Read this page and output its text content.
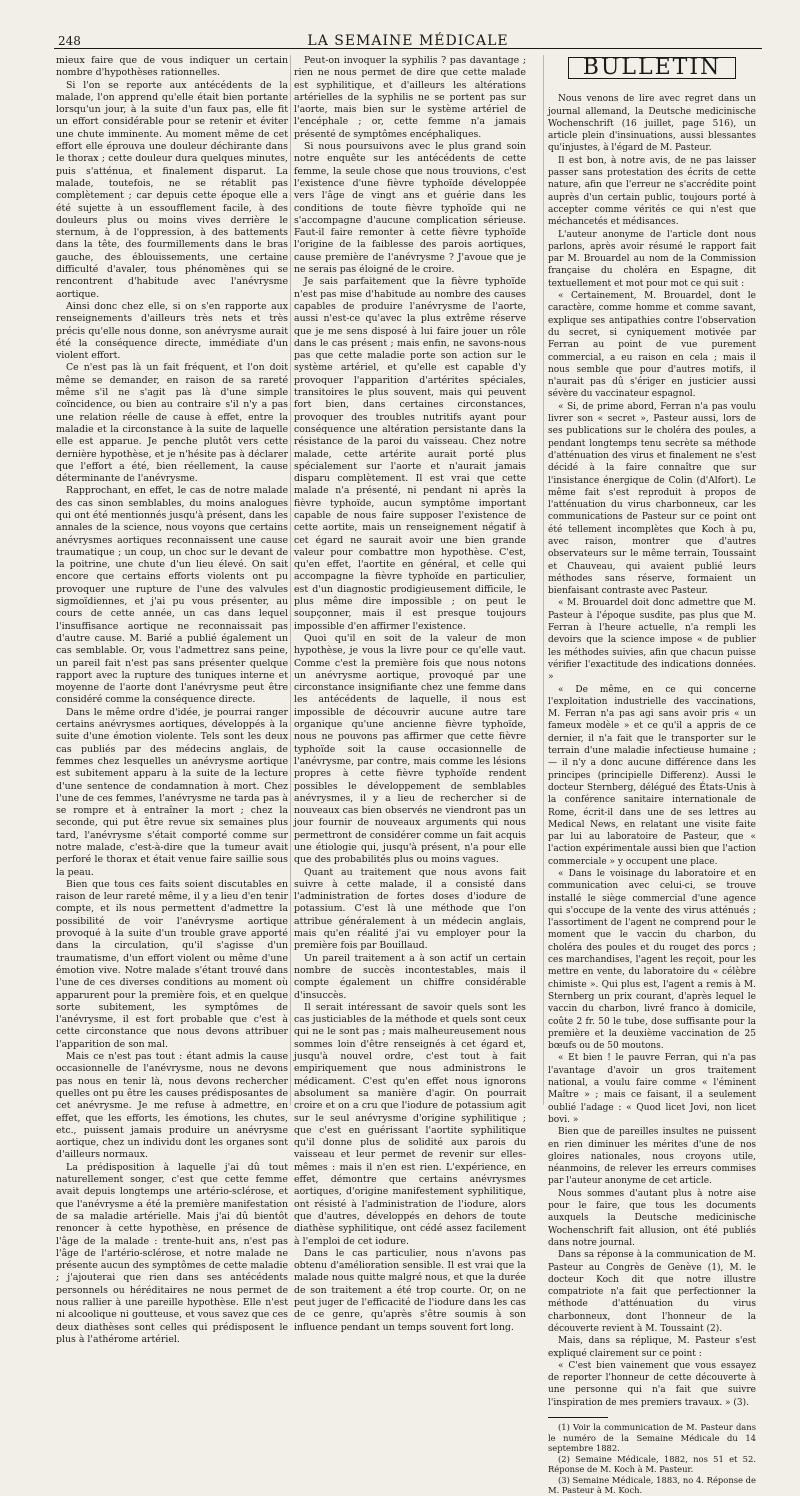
248	LA SEMAINE MÉDICALE

mieux faire que de vous indiquer un certain nombre d'hypothèses rationnelles.

Si l'on se reporte aux antécédents de la malade, l'on apprend qu'elle était bien portante lorsqu'un jour, à la suite d'un faux pas, elle fit un effort considérable pour se retenir et éviter une chute imminente. Au moment même de cet effort elle éprouva une douleur déchirante dans le thorax ; cette douleur dura quelques minutes, puis s'atténua, et finalement disparut. La malade, toutefois, ne se rétablit pas complètement ; car depuis cette époque elle a été sujette à un essoufflement facile, à des douleurs plus ou moins vives derrière le sternum, à de l'oppression, à des battements dans la tête, des fourmillements dans le bras gauche, des éblouissements, une certaine difficulté d'avaler, tous phénomènes qui se rencontrent d'habitude avec l'anévrysme aortique.

Ainsi donc chez elle, si on s'en rapporte aux renseignements d'ailleurs très nets et très précis qu'elle nous donne, son anévrysme aurait été la conséquence directe, immédiate d'un violent effort.

Ce n'est pas là un fait fréquent, et l'on doit même se demander, en raison de sa rareté même s'il ne s'agit pas là d'une simple coïncidence, ou bien au contraire s'il n'y a pas une relation réelle de cause à effet, entre la maladie et la circonstance à la suite de laquelle elle est apparue. Je penche plutôt vers cette dernière hypothèse, et je n'hésite pas à déclarer que l'effort a été, bien réellement, la cause déterminante de l'anévrysme.

Rapprochant, en effet, le cas de notre malade des cas sinon semblables, du moins analogues qui ont été mentionnés jusqu'à présent, dans les annales de la science, nous voyons que certains anévrysmes aortiques reconnaissent une cause traumatique ; un coup, un choc sur le devant de la poitrine, une chute d'un lieu élevé. On sait encore que certains efforts violents ont pu provoquer une rupture de l'une des valvules sigmoïdiennes, et j'ai pu vous présenter, au cours de cette année, un cas dans lequel l'insuffisance aortique ne reconnaissait pas d'autre cause. M. Barié a publié également un cas semblable. Or, vous l'admettrez sans peine, un pareil fait n'est pas sans présenter quelque rapport avec la rupture des tuniques interne et moyenne de l'aorte dont l'anévrysme peut être considéré comme la conséquence directe.

Dans le même ordre d'idée, je pourrai ranger certains anévrysmes aortiques, développés à la suite d'une émotion violente. Tels sont les deux cas publiés par des médecins anglais, de femmes chez lesquelles un anévrysme aortique est subitement apparu à la suite de la lecture d'une sentence de condamnation à mort. Chez l'une de ces femmes, l'anévrysme ne tarda pas à se rompre et à entraîner la mort ; chez la seconde, qui put être revue six semaines plus tard, l'anévrysme s'était comporté comme sur notre malade, c'est-à-dire que la tumeur avait perforé le thorax et était venue faire saillie sous la peau.

Bien que tous ces faits soient discutables en raison de leur rareté même, il y a lieu d'en tenir compte, et ils nous permettent d'admettre la possibilité de voir l'anévrysme aortique provoqué à la suite d'un trouble grave apporté dans la circulation, qu'il s'agisse d'un traumatisme, d'un effort violent ou même d'une émotion vive. Notre malade s'étant trouvé dans l'une de ces diverses conditions au moment où apparurent pour la première fois, et en quelque sorte subitement, les symptômes de l'anévrysme, il est fort probable que c'est à cette circonstance que nous devons attribuer l'apparition de son mal.

Mais ce n'est pas tout : étant admis la cause occasionnelle de l'anévrysme, nous ne devons pas nous en tenir là, nous devons rechercher quelles ont pu être les causes prédisposantes de cet anévrysme. Je me refuse à admettre, en effet, que les efforts, les émotions, les chutes, etc., puissent jamais produire un anévrysme aortique, chez un individu dont les organes sont d'ailleurs normaux.

La prédisposition à laquelle j'ai dû tout naturellement songer, c'est que cette femme avait depuis longtemps une artério-sclérose, et que l'anévrysme a été la première manifestation de sa maladie artérielle. Mais j'ai dû bientôt renoncer à cette hypothèse, en présence de l'âge de la malade : trente-huit ans, n'est pas l'âge de l'artério-sclérose, et notre malade ne présente aucun des symptômes de cette maladie ; j'ajouterai que rien dans ses antécédents personnels ou héréditaires ne nous permet de nous rallier à une pareille hypothèse. Elle n'est ni alcoolique ni goutteuse, et vous savez que ces deux diathèses sont celles qui prédisposent le plus à l'athérome artériel.

Peut-on invoquer la syphilis ? pas davantage ; rien ne nous permet de dire que cette malade est syphilitique, et d'ailleurs les altérations artérielles de la syphilis ne se portent pas sur l'aorte, mais bien sur le système artériel de l'encéphale ; or, cette femme n'a jamais présenté de symptômes encéphaliques.

Si nous poursuivons avec le plus grand soin notre enquête sur les antécédents de cette femme, la seule chose que nous trouvions, c'est l'existence d'une fièvre typhoïde développée vers l'âge de vingt ans et guérie dans les conditions de toute fièvre typhoïde qui ne s'accompagne d'aucune complication sérieuse. Faut-il faire remonter à cette fièvre typhoïde l'origine de la faiblesse des parois aortiques, cause première de l'anévrysme ? J'avoue que je ne serais pas éloigné de le croire.

Je sais parfaitement que la fièvre typhoïde n'est pas mise d'habitude au nombre des causes capables de produire l'anévrysme de l'aorte, aussi n'est-ce qu'avec la plus extrême réserve que je me sens disposé à lui faire jouer un rôle dans le cas présent ; mais enfin, ne savons-nous pas que cette maladie porte son action sur le système artériel, et qu'elle est capable d'y provoquer l'apparition d'artérites spéciales, transitoires le plus souvent, mais qui peuvent fort bien, dans certaines circonstances, provoquer des troubles nutritifs ayant pour conséquence une altération persistante dans la résistance de la paroi du vaisseau. Chez notre malade, cette artérite aurait porté plus spécialement sur l'aorte et n'aurait jamais disparu complètement. Il est vrai que cette malade n'a présenté, ni pendant ni après la fièvre typhoïde, aucun symptôme important capable de nous faire supposer l'existence de cette aortite, mais un renseignement négatif à cet égard ne saurait avoir une bien grande valeur pour combattre mon hypothèse. C'est, qu'en effet, l'aortite en général, et celle qui accompagne la fièvre typhoïde en particulier, est d'un diagnostic prodigieusement difficile, le plus même dire impossible ; on peut le soupçonner, mais il est presque toujours impossible d'en affirmer l'existence.

Quoi qu'il en soit de la valeur de mon hypothèse, je vous la livre pour ce qu'elle vaut. Comme c'est la première fois que nous notons un anévrysme aortique, provoqué par une circonstance insignifiante chez une femme dans les antécédents de laquelle, il nous est impossible de découvrir aucune autre tare organique qu'une ancienne fièvre typhoïde, nous ne pouvons pas affirmer que cette fièvre typhoïde soit la cause occasionnelle de l'anévrysme, par contre, mais comme les lésions propres à cette fièvre typhoïde rendent possibles le développement de semblables anévrysmes, il y a lieu de rechercher si de nouveaux cas bien observés ne viendront pas un jour fournir de nouveaux arguments qui nous permettront de considérer comme un fait acquis une étiologie qui, jusqu'à présent, n'a pour elle que des probabilités plus ou moins vagues.

Quant au traitement que nous avons fait suivre à cette malade, il a consisté dans l'administration de fortes doses d'iodure de potassium. C'est là une méthode que l'on attribue généralement à un médecin anglais, mais qu'en réalité j'ai vu employer pour la première fois par Bouillaud.

Un pareil traitement a à son actif un certain nombre de succès incontestables, mais il compte également un chiffre considérable d'insuccès.

Il serait intéressant de savoir quels sont les cas justiciables de la méthode et quels sont ceux qui ne le sont pas ; mais malheureusement nous sommes loin d'être renseignés à cet égard et, jusqu'à nouvel ordre, c'est tout à fait empiriquement que nous administrons le médicament. C'est qu'en effet nous ignorons absolument sa manière d'agir. On pourrait croire et on a cru que l'iodure de potassium agit sur le seul anévrysme d'origine syphilitique ; que c'est en guérissant l'aortite syphilitique qu'il donne plus de solidité aux parois du vaisseau et leur permet de revenir sur elles-mêmes : mais il n'en est rien. L'expérience, en effet, démontre que certains anévrysmes aortiques, d'origine manifestement syphilitique, ont résisté à l'administration de l'iodure, alors que d'autres, développés en dehors de toute diathèse syphilitique, ont cédé assez facilement à l'emploi de cet iodure.

Dans le cas particulier, nous n'avons pas obtenu d'amélioration sensible. Il est vrai que la malade nous quitte malgré nous, et que la durée de son traitement a été trop courte. Or, on ne peut juger de l'efficacité de l'iodure dans les cas de ce genre, qu'après s'être soumis à son influence pendant un temps souvent fort long.

BULLETIN

Nous venons de lire avec regret dans un journal allemand, la Deutsche medicinische Wochenschrift (16 juillet, page 516), un article plein d'insinuations, aussi blessantes qu'injustes, à l'égard de M. Pasteur.

Il est bon, à notre avis, de ne pas laisser passer sans protestation des écrits de cette nature, afin que l'erreur ne s'accrédite point auprès d'un certain public, toujours porté à accepter comme vérités ce qui n'est que méchancetés et médisances.

L'auteur anonyme de l'article dont nous parlons, après avoir résumé le rapport fait par M. Brouardel au nom de la Commission française du choléra en Espagne, dit textuellement et mot pour mot ce qui suit :

« Certainement, M. Brouardel, dont le caractère, comme homme et comme savant, explique ses antipathies contre l'observation du secret, si cyniquement motivée par Ferran au point de vue purement commercial, a eu raison en cela ; mais il nous semble que pour d'autres motifs, il n'aurait pas dû s'ériger en justicier aussi sévère du vaccinateur espagnol.

« Si, de prime abord, Ferran n'a pas voulu livrer son « secret », Pasteur aussi, lors de ses publications sur le choléra des poules, a pendant longtemps tenu secrète sa méthode d'atténuation des virus et finalement ne s'est décidé à la faire connaître que sur l'insistance énergique de Colin (d'Alfort). Le même fait s'est reproduit à propos de l'atténuation du virus charbonneux, car les communications de Pasteur sur ce point ont été tellement incomplètes que Koch à pu, avec raison, montrer que d'autres observateurs sur le même terrain, Toussaint et Chauveau, qui avaient publié leurs méthodes sans réserve, formaient un bienfaisant contraste avec Pasteur.

« M. Brouardel doit donc admettre que M. Pasteur à l'époque susdite, pas plus que M. Ferran à l'heure actuelle, n'a rempli les devoirs que la science impose « de publier les méthodes suivies, afin que chacun puisse vérifier l'exactitude des indications données. »

« De même, en ce qui concerne l'exploitation industrielle des vaccinations, M. Ferran n'a pas agi sans avoir pris « un fameux modèle » et ce qu'il a appris de ce dernier, il n'a fait que le transporter sur le terrain d'une maladie infectieuse humaine ; — il n'y a donc aucune différence dans les principes (principielle Differenz). Aussi le docteur Sternberg, délégué des États-Unis à la conférence sanitaire internationale de Rome, écrit-il dans une de ses lettres au Medical News, en relatant une visite faite par lui au laboratoire de Pasteur, que « l'action expérimentale aussi bien que l'action commerciale » y occupent une place.

« Dans le voisinage du laboratoire et en communication avec celui-ci, se trouve installé le siège commercial d'une agence qui s'occupe de la vente des virus atténués ; l'assortiment de l'agent ne comprend pour le moment que le vaccin du charbon, du choléra des poules et du rouget des porcs ; ces marchandises, l'agent les reçoit, pour les mettre en vente, du laboratoire du « célèbre chimiste ». Qui plus est, l'agent a remis à M. Sternberg un prix courant, d'après lequel le vaccin du charbon, livré franco à domicile, coûte 2 fr. 50 le tube, dose suffisante pour la première et la deuxième vaccination de 25 bœufs ou de 50 moutons.

« Et bien ! le pauvre Ferran, qui n'a pas l'avantage d'avoir un gros traitement national, a voulu faire comme « l'éminent Maître » ; mais ce faisant, il a seulement oublié l'adage : « Quod licet Jovi, non licet bovi. »

Bien que de pareilles insultes ne puissent en rien diminuer les mérites d'une de nos gloires nationales, nous croyons utile, néanmoins, de relever les erreurs commises par l'auteur anonyme de cet article.

Nous sommes d'autant plus à notre aise pour le faire, que tous les documents auxquels la Deutsche medicinische Wochenschrift fait allusion, ont été publiés dans notre journal.

Dans sa réponse à la communication de M. Pasteur au Congrès de Genève (1), M. le docteur Koch dit que notre illustre compatriote n'a fait que perfectionner la méthode d'atténuation du virus charbonneux, dont l'honneur de la découverte revient à M. Toussaint (2).

Mais, dans sa réplique, M. Pasteur s'est expliqué clairement sur ce point :

« C'est bien vainement que vous essayez de reporter l'honneur de cette découverte à une personne qui n'a fait que suivre l'inspiration de mes premiers travaux. » (3).

(1) Voir la communication de M. Pasteur dans le numéro de la Semaine Médicale du 14 septembre 1882.

(2) Semaine Médicale, 1882, nos 51 et 52. Réponse de M. Koch à M. Pasteur.

(3) Semaine Médicale, 1883, no 4. Réponse de M. Pasteur à M. Koch.
